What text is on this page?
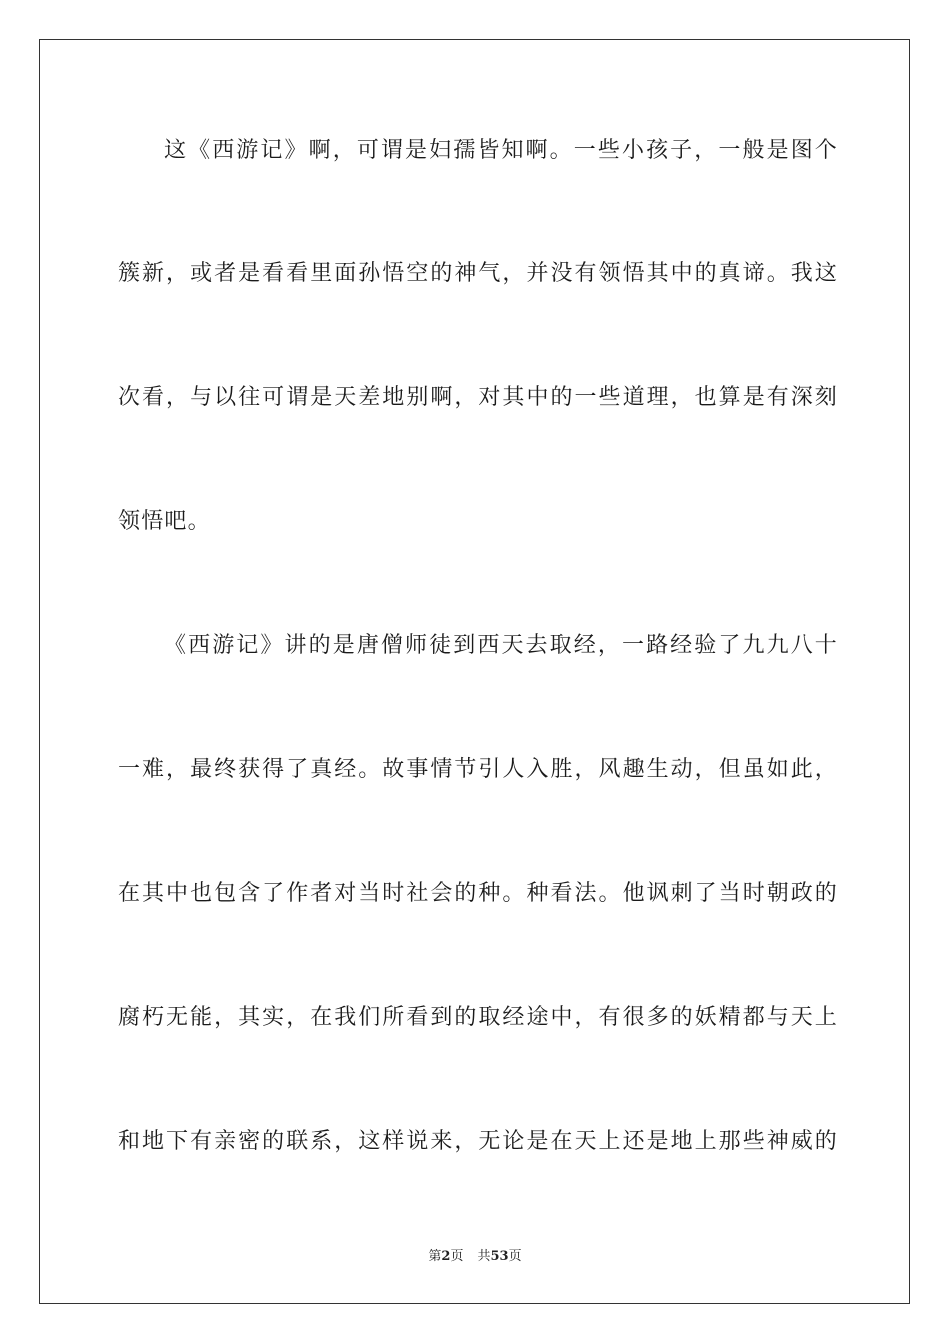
这《西游记》啊，可谓是妇孺皆知啊。一些小孩子，一般是图个
簇新，或者是看看里面孙悟空的神气，并没有领悟其中的真谛。我这
次看，与以往可谓是天差地别啊，对其中的一些道理，也算是有深刻
领悟吧。
《西游记》讲的是唐僧师徒到西天去取经，一路经验了九九八十
一难，最终获得了真经。故事情节引人入胜，风趣生动，但虽如此，
在其中也包含了作者对当时社会的种。种看法。他讽刺了当时朝政的
腐朽无能，其实，在我们所看到的取经途中，有很多的妖精都与天上
和地下有亲密的联系，这样说来，无论是在天上还是地上那些神威的
第2页 共53页
